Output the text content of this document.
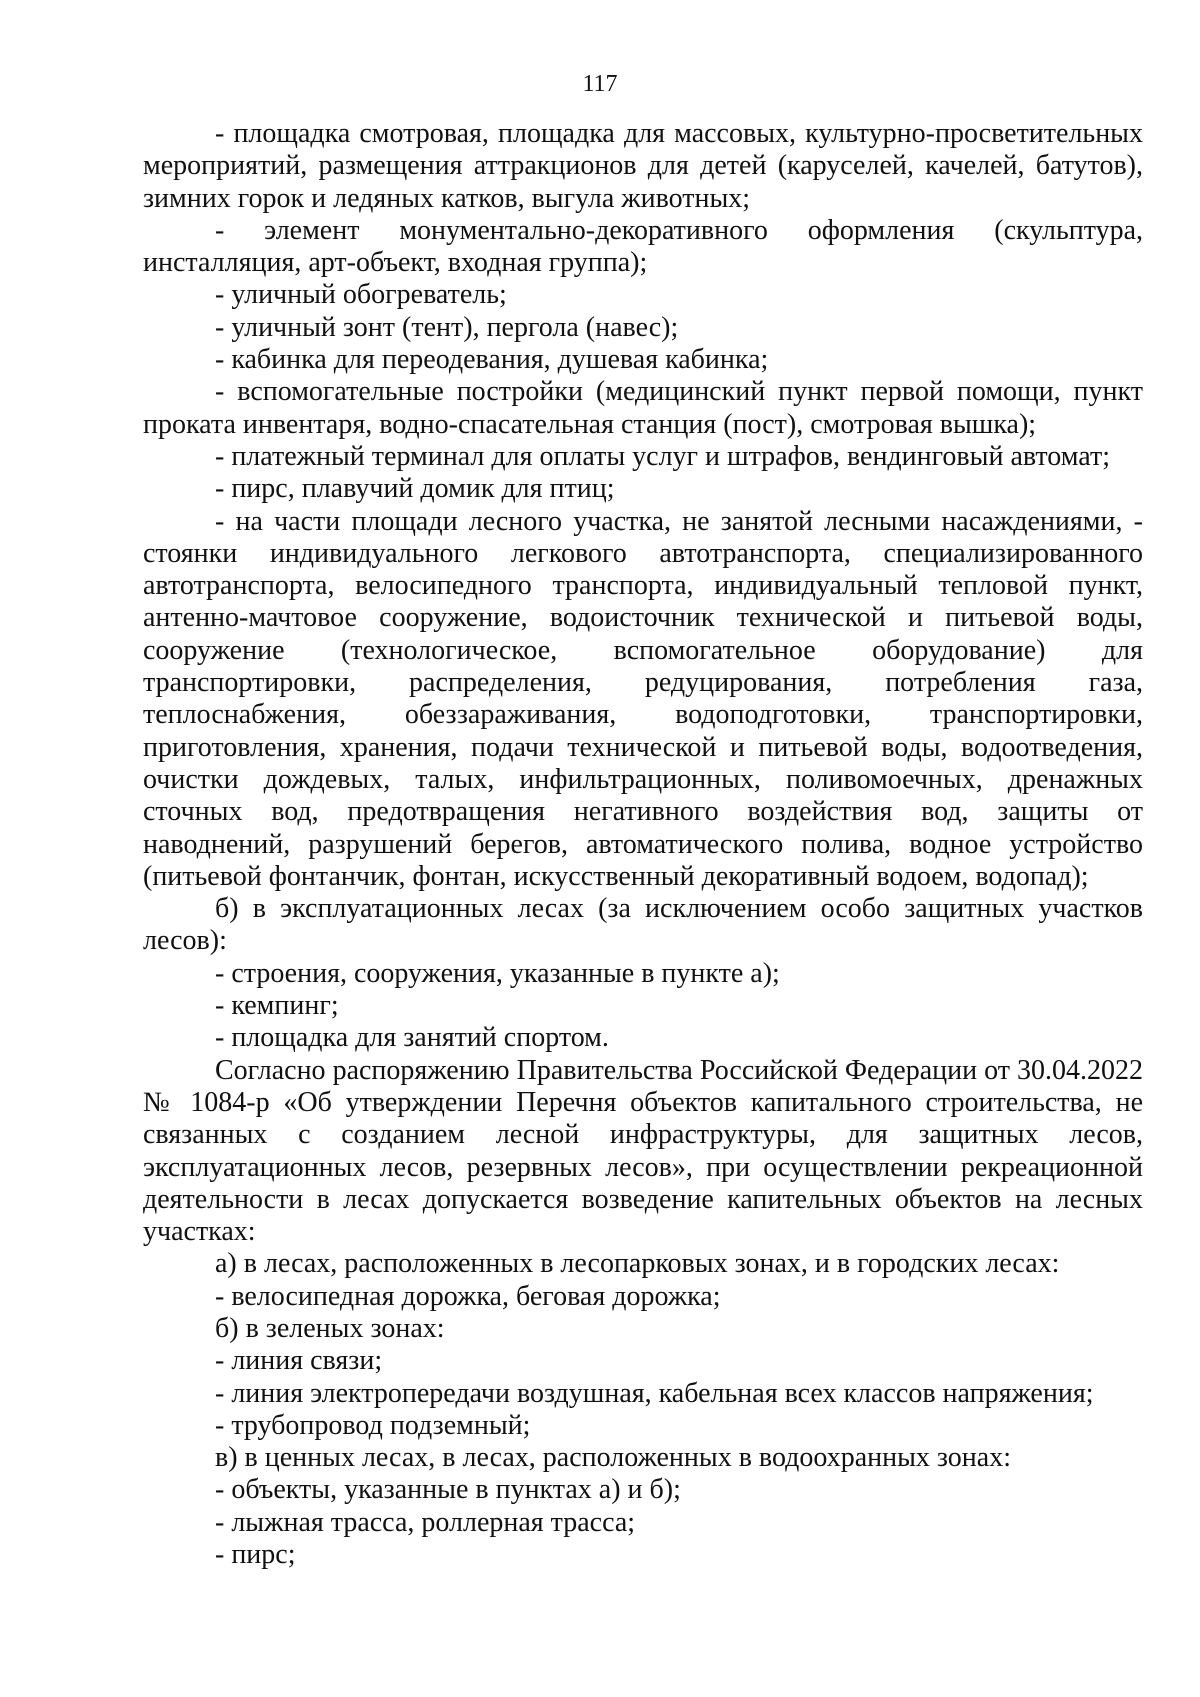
117

- площадка смотровая, площадка для массовых, культурно-просветительных мероприятий, размещения аттракционов для детей (каруселей, качелей, батутов), зимних горок и ледяных катков, выгула животных;

- элемент монументально-декоративного оформления (скульптура, инсталляция, арт-объект, входная группа);

- уличный обогреватель;

- уличный зонт (тент), пергола (навес);

- кабинка для переодевания, душевая кабинка;

- вспомогательные постройки (медицинский пункт первой помощи, пункт проката инвентаря, водно-спасательная станция (пост), смотровая вышка);

- платежный терминал для оплаты услуг и штрафов, вендинговый автомат;

- пирс, плавучий домик для птиц;

- на части площади лесного участка, не занятой лесными насаждениями, - стоянки индивидуального легкового автотранспорта, специализированного автотранспорта, велосипедного транспорта, индивидуальный тепловой пункт, антенно-мачтовое сооружение, водоисточник технической и питьевой воды, сооружение (технологическое, вспомогательное оборудование) для транспортировки, распределения, редуцирования, потребления газа, теплоснабжения, обеззараживания, водоподготовки, транспортировки, приготовления, хранения, подачи технической и питьевой воды, водоотведения, очистки дождевых, талых, инфильтрационных, поливомоечных, дренажных сточных вод, предотвращения негативного воздействия вод, защиты от наводнений, разрушений берегов, автоматического полива, водное устройство (питьевой фонтанчик, фонтан, искусственный декоративный водоем, водопад);

б) в эксплуатационных лесах (за исключением особо защитных участков лесов):

- строения, сооружения, указанные в пункте а);

- кемпинг;

- площадка для занятий спортом.

Согласно распоряжению Правительства Российской Федерации от 30.04.2022 № 1084-р «Об утверждении Перечня объектов капитального строительства, не связанных с созданием лесной инфраструктуры, для защитных лесов, эксплуатационных лесов, резервных лесов», при осуществлении рекреационной деятельности в лесах допускается возведение капительных объектов на лесных участках:

а) в лесах, расположенных в лесопарковых зонах, и в городских лесах:

- велосипедная дорожка, беговая дорожка;

б) в зеленых зонах:

- линия связи;

- линия электропередачи воздушная, кабельная всех классов напряжения;

- трубопровод подземный;

в) в ценных лесах, в лесах, расположенных в водоохранных зонах:

- объекты, указанные в пунктах а) и б);

- лыжная трасса, роллерная трасса;

- пирс;
